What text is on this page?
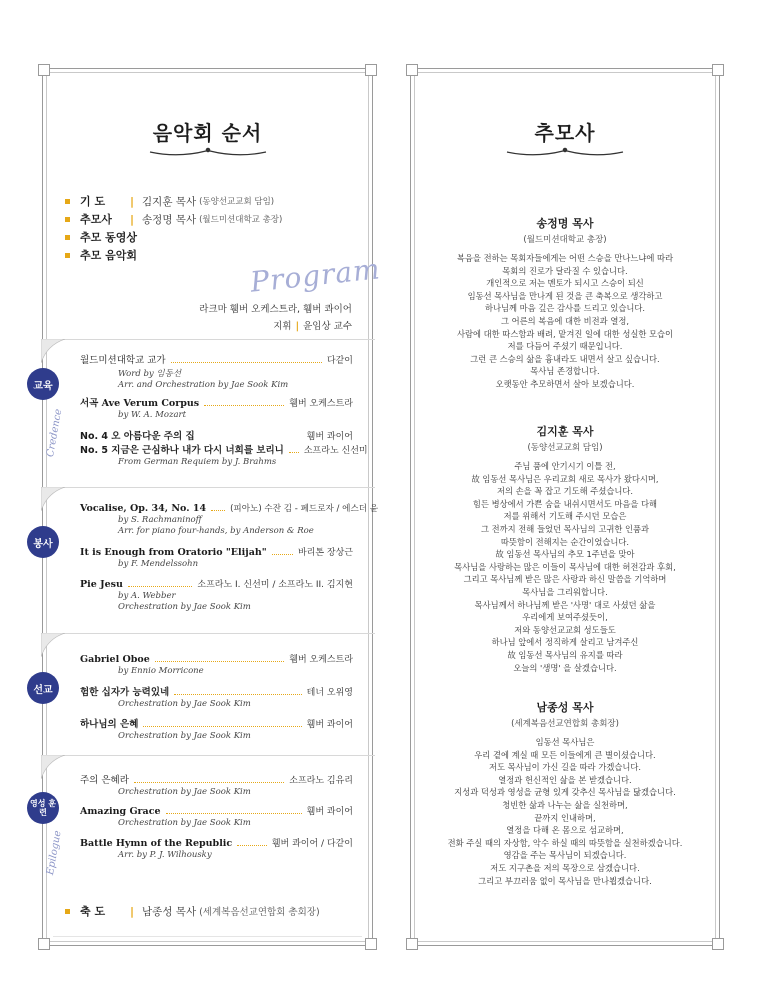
음악회 순서
기 도	| 김지훈 목사 (동양선교교회 담임)
추모사	| 송정명 목사 (월드미션대학교 총장)
추모 동영상
추모 음악회	Program
라크마 휌버 오케스트라, 휌버 콰이어
지휘 | 윤임상 교수
교육
Credence
월드미션대학교 교가	다같이
Word by 임동선
Arr. and Orchestration by Jae Sook Kim
서곡 Ave Verum Corpus	휌버 오케스트라
by W. A. Mozart
No. 4 오 아름다운 주의 집	휌버 콰이어
No. 5 지금은 근심하나 내가 다시 너희를 보리니 소프라노 신선미
From German Requiem by J. Brahms
봉사
Vocalise, Op. 34, No. 14	(피아노) 수잔 김 - 페드로자 / 에스더 윤
by S. Rachmaninoff
Arr. for piano four-hands, by Anderson & Roe
It is Enough from Oratorio "Elijah"	바리톤 장상근
by F. Mendelssohn
Pie Jesu	소프라노 I. 신선미 / 소프라노 II. 김지현
by A. Webber
Orchestration by Jae Sook Kim
선교
Gabriel Oboe	휌버 오케스트라
by Ennio Morricone
험한 십자가 능력있네	테너 오위영
Orchestration by Jae Sook Kim
하나님의 은혜	휌버 콰이어
Orchestration by Jae Sook Kim
영성 훈련
Epilogue
주의 은혜라	소프라노 김유리
Orchestration by Jae Sook Kim
Amazing Grace	휌버 콰이어
Orchestration by Jae Sook Kim
Battle Hymn of the Republic	휌버 콰이어 / 다같이
Arr. by P. J. Wilhousky
축 도	| 남종성 목사 (세계복음선교연합회 총회장)
추모사
송정명 목사
(월드미션대학교 총장)
복음을 전하는 목회자들에게는 어떤 스승을 만나느냐에 따라
목회의 진로가 달라질 수 있습니다.
개인적으로 저는 멘토가 되시고 스승이 되신
임동선 목사님을 만나게 된 것을 큰 축복으로 생각하고
하나님께 마음 깊은 감사를 드리고 있습니다.
그 어른의 복음에 대한 비전과 열정,
사람에 대한 따스함과 배려, 맡겨진 일에 대한 성실한 모습이
저를 다듬어 주셨기 때문입니다.
그런 큰 스승의 삶을 흉내라도 내면서 살고 싶습니다.
목사님 존경합니다.
오랫동안 추모하면서 살아 보겠습니다.
김지훈 목사
(동양선교교회 담임)
주님 품에 안기시기 이틀 전,
故 임동선 목사님은 우리교회 새로 목사가 왔다시며,
저의 손을 꼭 잡고 기도해 주셨습니다.
힘든 병상에서 가쁜 숨을 내쉬시면서도 마음을 다해
저를 위해서 기도해 주시던 모습은
그 전까지 전해 들었던 목사님의 고귀한 인품과
따뜻함이 전해지는 순간이었습니다.
故 임동선 목사님의 추모 1주년을 맞아
목사님을 사랑하는 많은 이들이 목사님에 대한 허전감과 후회,
그리고 목사님께 받은 많은 사랑과 하신 말씀을 기억하며
목사님을 그리워합니다.
목사님께서 하나님께 받은 '사명' 대로 사셨던 삶을
우리에게 보여주셨듯이,
저와 동양선교교회 성도들도
하나님 앞에서 정직하게 살리고 남겨주신
故 임동선 목사님의 유지를 따라
오늘의 '생명' 을 살겠습니다.
남종성 목사
(세계복음선교연합회 총회장)
임동선 목사님은
우리 곁에 계실 때 모든 이들에게 큰 별이셨습니다.
저도 목사님이 가신 길을 따라 가겠습니다.
열정과 헌신적인 삶을 본 받겠습니다.
지성과 덕성과 영성을 균형 있게 갖추신 목사님을 닮겠습니다.
청빈한 삶과 나누는 삶을 실천하며,
끝까지 인내하며,
열정을 다해 온 몸으로 섬교하며,
전화 주실 때의 자상함, 악수 하실 때의 따뜻함을 실천하겠습니다.
영감을 주는 목사님이 되겠습니다.
저도 지구촌을 저의 목장으로 삼겠습니다.
그리고 부끄러움 없이 목사님을 만나뵙겠습니다.
